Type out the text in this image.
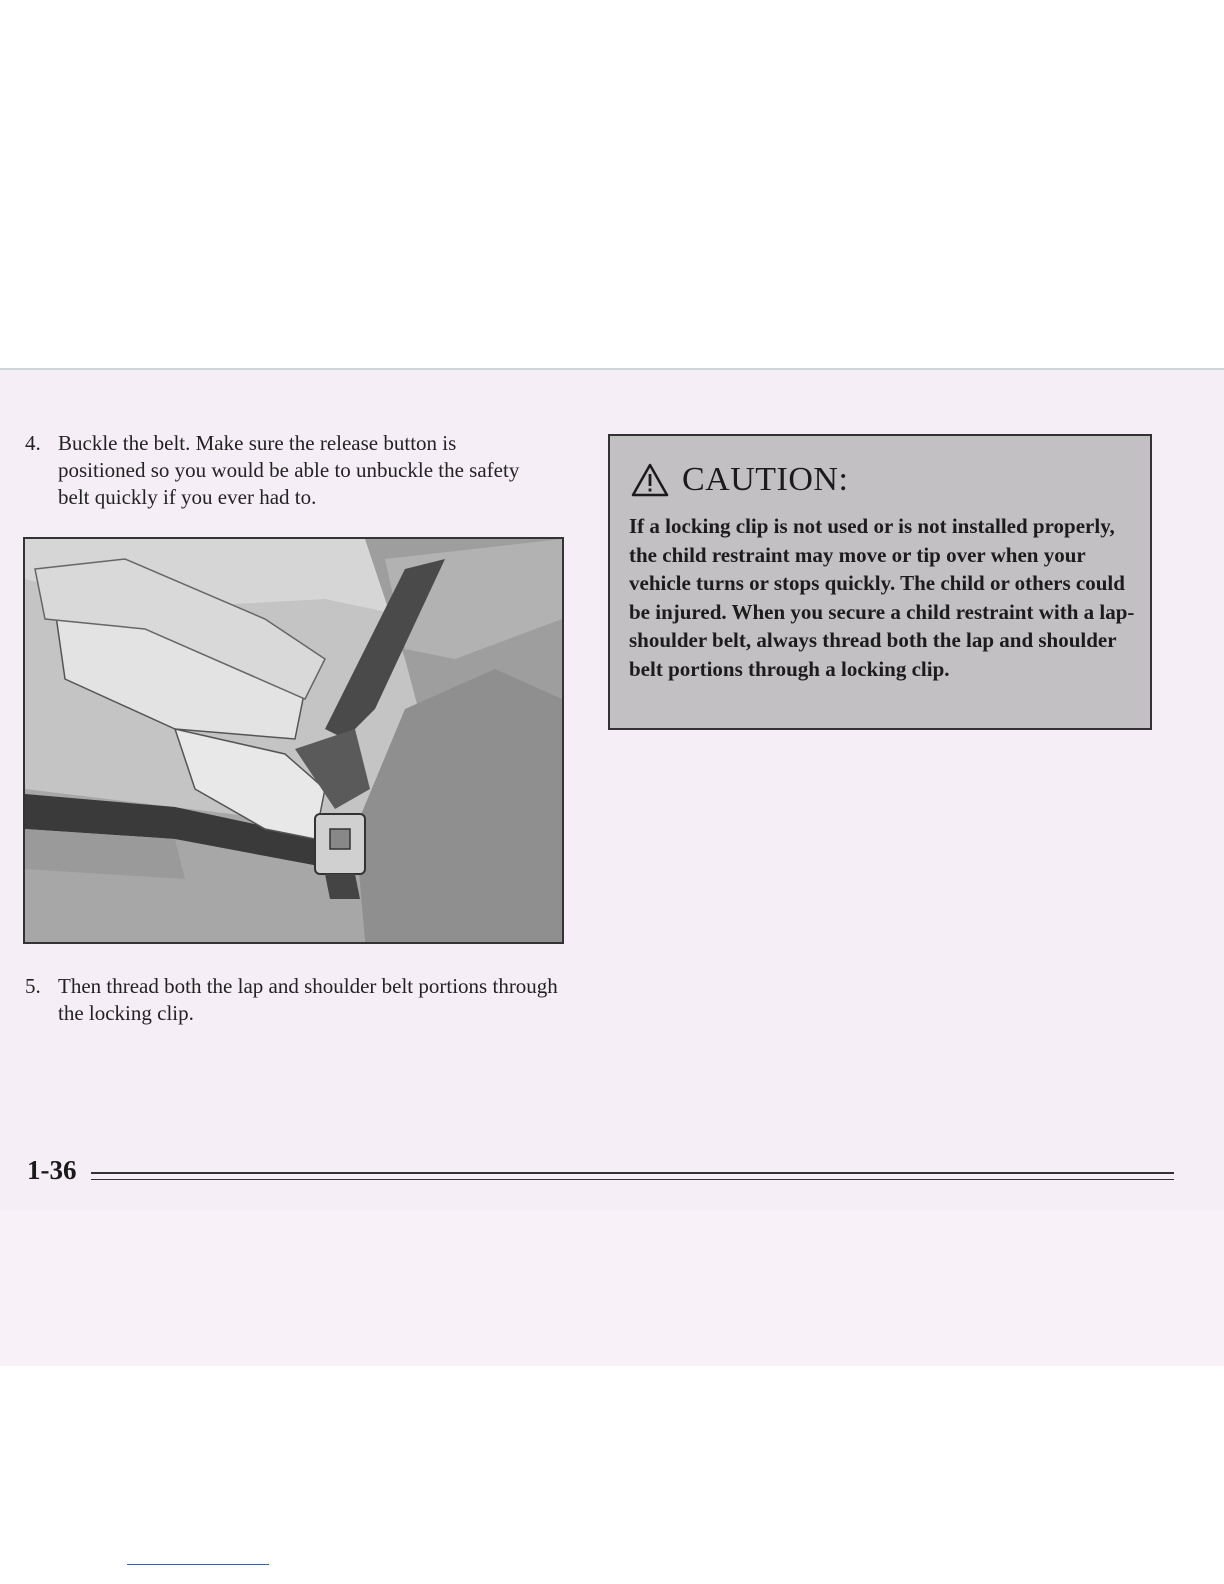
4. Buckle the belt. Make sure the release button is positioned so you would be able to unbuckle the safety belt quickly if you ever had to.
5. Then thread both the lap and shoulder belt portions through the locking clip.
CAUTION:
If a locking clip is not used or is not installed properly, the child restraint may move or tip over when your vehicle turns or stops quickly. The child or others could be injured. When you secure a child restraint with a lap-shoulder belt, always thread both the lap and shoulder belt portions through a locking clip.
1-36
